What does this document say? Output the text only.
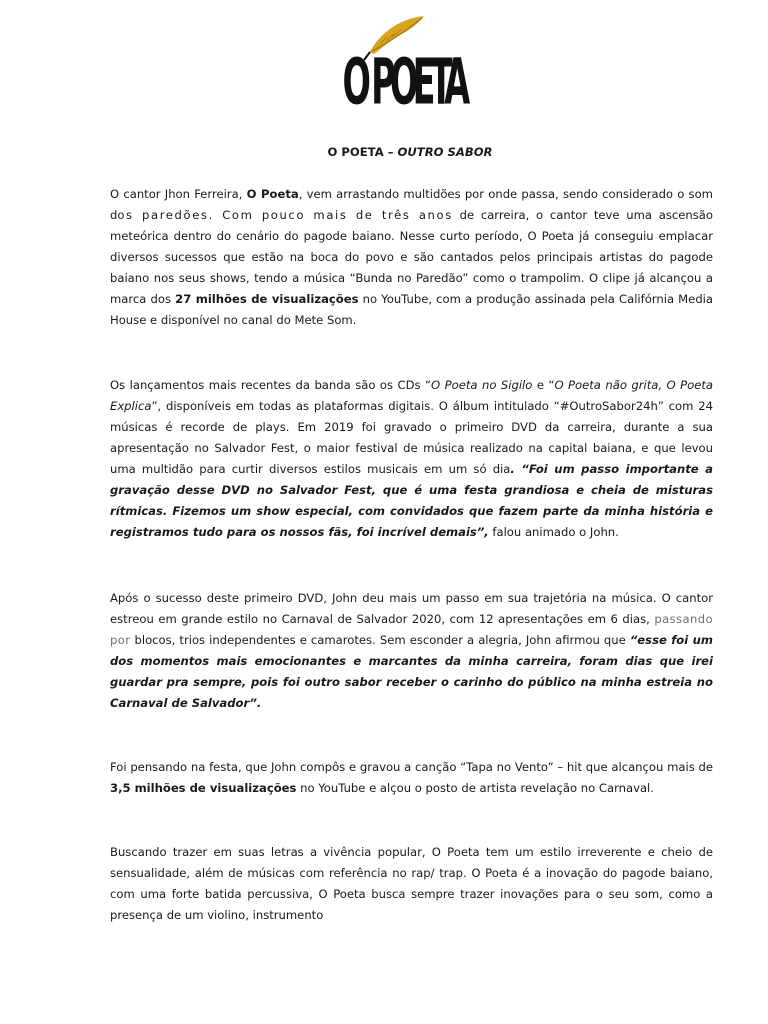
O POETA

O POETA – OUTRO SABOR

O cantor Jhon Ferreira, O Poeta, vem arrastando multidões por onde passa, sendo considerado o som dos paredões. Com pouco mais de três anos de carreira, o cantor teve uma ascensão meteórica dentro do cenário do pagode baiano. Nesse curto período, O Poeta já conseguiu emplacar diversos sucessos que estão na boca do povo e são cantados pelos principais artistas do pagode baiano nos seus shows, tendo a música “Bunda no Paredão” como o trampolim. O clipe já alcançou a marca dos 27 milhões de visualizações no YouTube, com a produção assinada pela Califórnia Media House e disponível no canal do Mete Som.

Os lançamentos mais recentes da banda são os CDs “O Poeta no Sigilo e “O Poeta não grita, O Poeta Explica”, disponíveis em todas as plataformas digitais. O álbum intitulado “#OutroSabor24h” com 24 músicas é recorde de plays. Em 2019 foi gravado o primeiro DVD da carreira, durante a sua apresentação no Salvador Fest, o maior festival de música realizado na capital baiana, e que levou uma multidão para curtir diversos estilos musicais em um só dia. “Foi um passo importante a gravação desse DVD no Salvador Fest, que é uma festa grandiosa e cheia de misturas rítmicas. Fizemos um show especial, com convidados que fazem parte da minha história e registramos tudo para os nossos fãs, foi incrível demais”, falou animado o John.

Após o sucesso deste primeiro DVD, John deu mais um passo em sua trajetória na música. O cantor estreou em grande estilo no Carnaval de Salvador 2020, com 12 apresentações em 6 dias, passando por blocos, trios independentes e camarotes. Sem esconder a alegria, John afirmou que “esse foi um dos momentos mais emocionantes e marcantes da minha carreira, foram dias que irei guardar pra sempre, pois foi outro sabor receber o carinho do público na minha estreia no Carnaval de Salvador”.

Foi pensando na festa, que John compôs e gravou a canção “Tapa no Vento” – hit que alcançou mais de 3,5 milhões de visualizações no YouTube e alçou o posto de artista revelação no Carnaval.

Buscando trazer em suas letras a vivência popular, O Poeta tem um estilo irreverente e cheio de sensualidade, além de músicas com referência no rap/ trap. O Poeta é a inovação do pagode baiano, com uma forte batida percussiva, O Poeta busca sempre trazer inovações para o seu som, como a presença de um violino, instrumento
